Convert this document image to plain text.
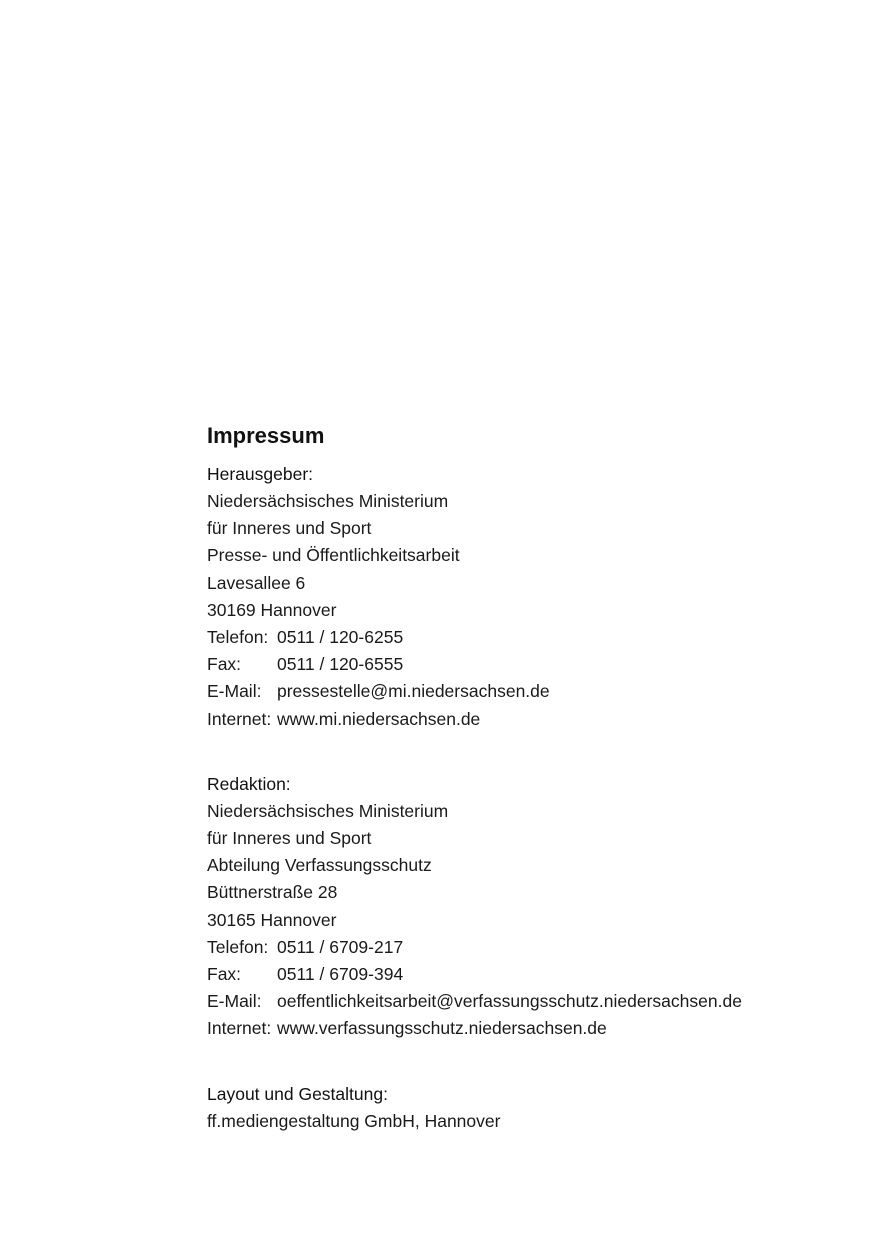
Impressum
Herausgeber:
Niedersächsisches Ministerium
für Inneres und Sport
Presse- und Öffentlichkeitsarbeit
Lavesallee 6
30169 Hannover
Telefon: 0511 / 120-6255
Fax:	0511 / 120-6555
E-Mail: pressestelle@mi.niedersachsen.de
Internet: www.mi.niedersachsen.de
Redaktion:
Niedersächsisches Ministerium
für Inneres und Sport
Abteilung Verfassungsschutz
Büttnerstraße 28
30165 Hannover
Telefon: 0511 / 6709-217
Fax:	0511 / 6709-394
E-Mail: oeffentlichkeitsarbeit@verfassungsschutz.niedersachsen.de
Internet: www.verfassungsschutz.niedersachsen.de
Layout und Gestaltung:
ff.mediengestaltung GmbH, Hannover
